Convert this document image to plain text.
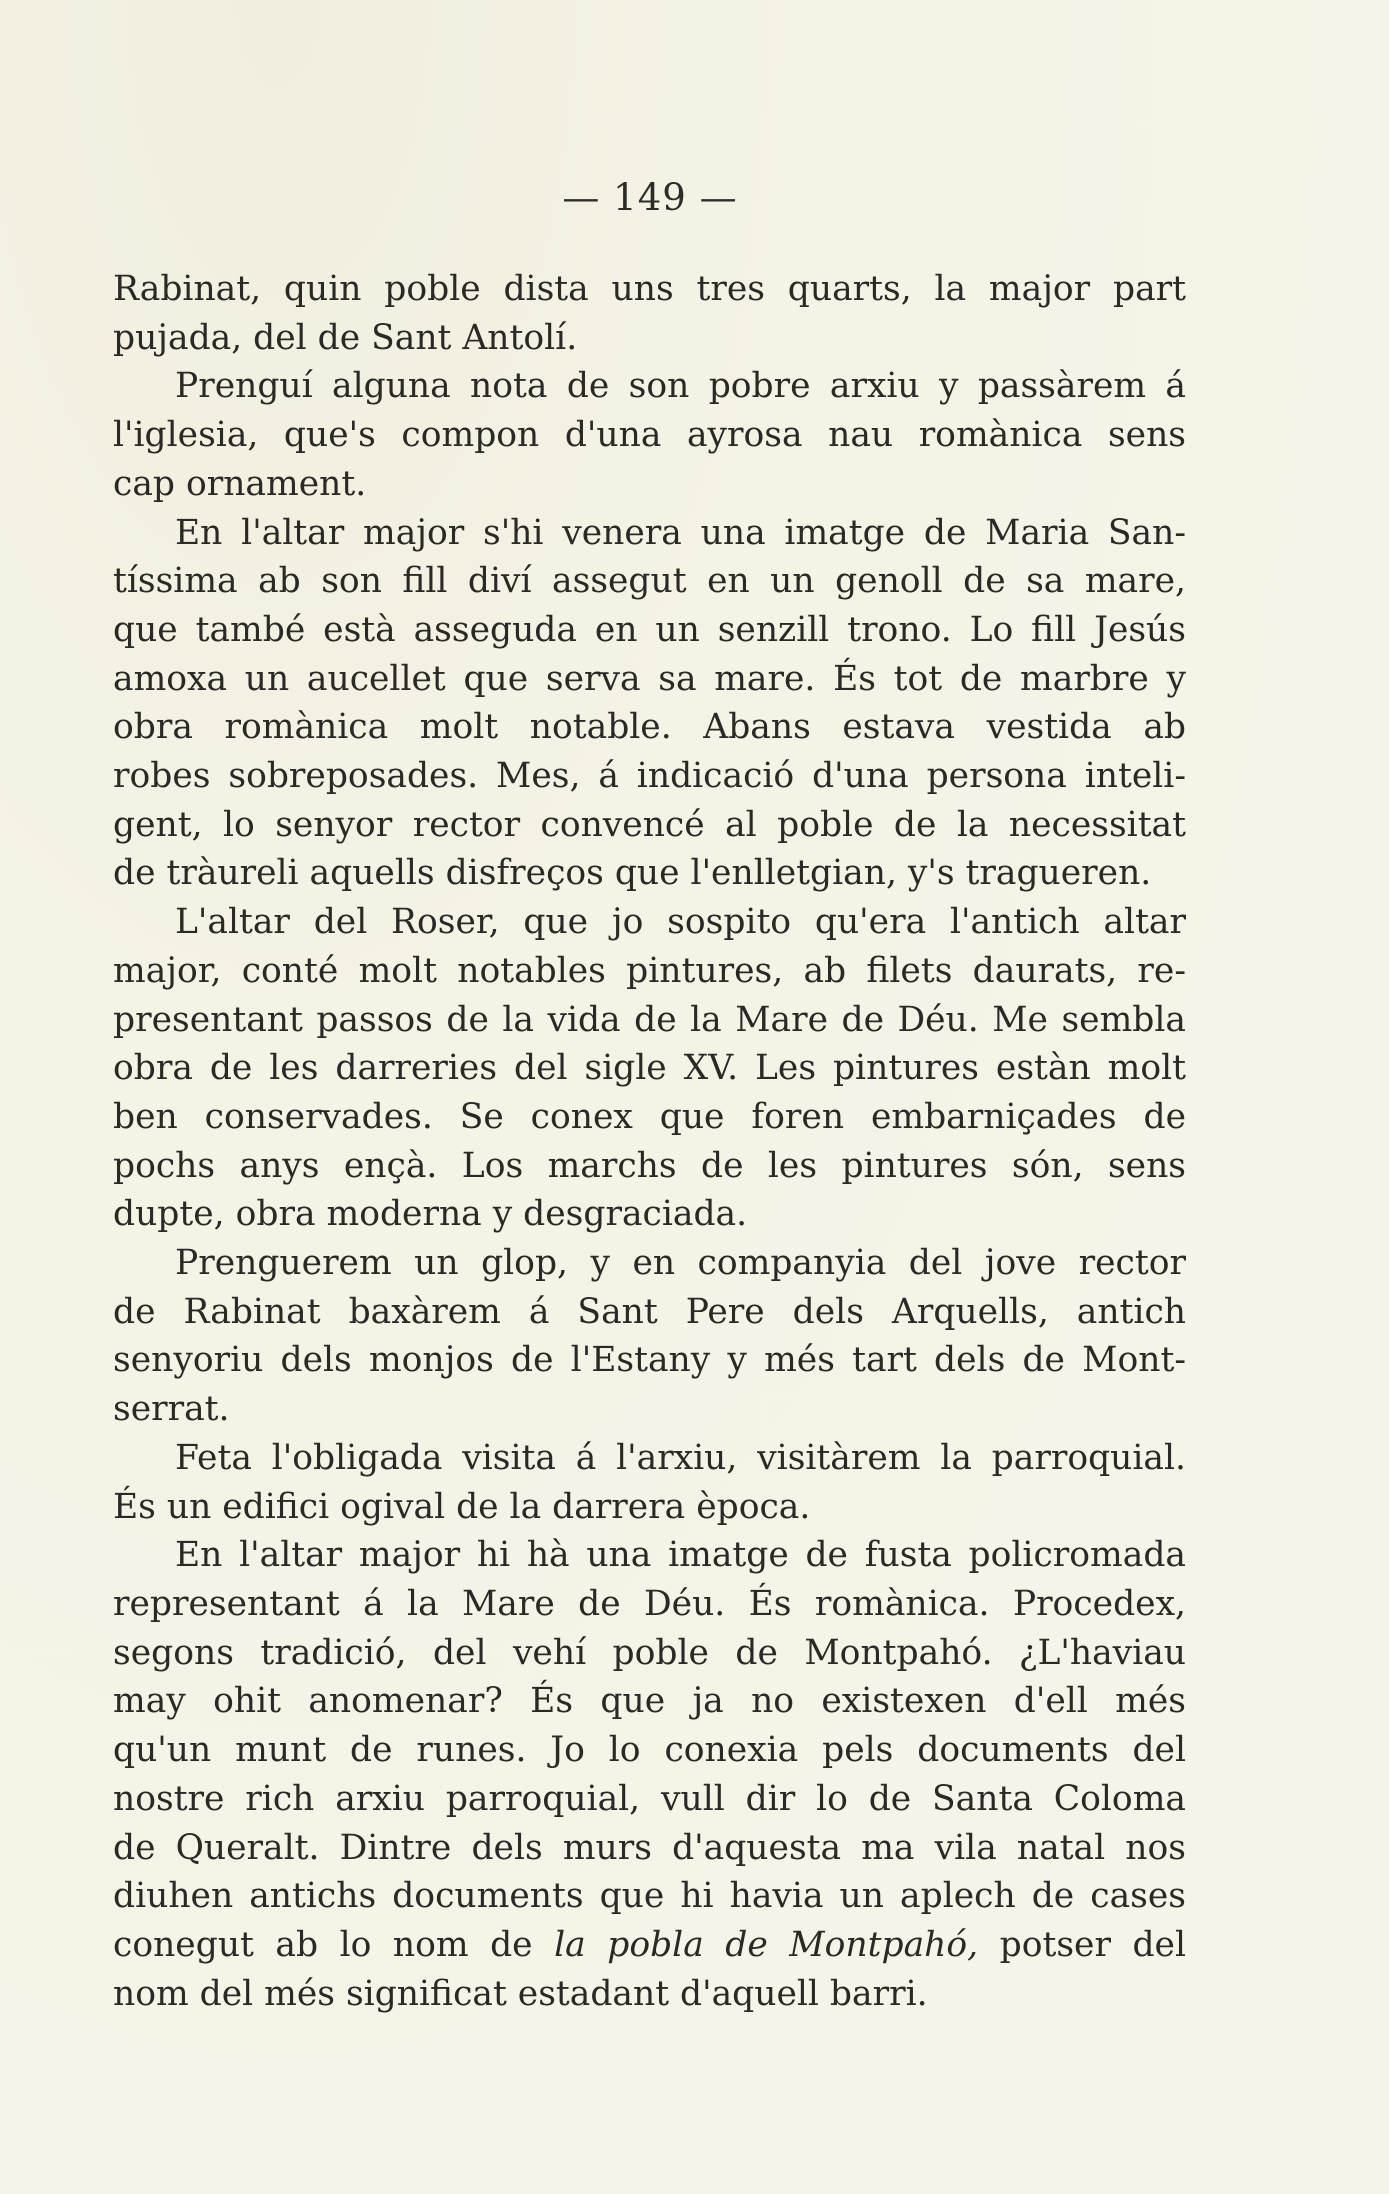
— 149 —
Rabinat, quin poble dista uns tres quarts, la major part
pujada, del de Sant Antolí.
Prenguí alguna nota de son pobre arxiu y passàrem á
l'iglesia, que's compon d'una ayrosa nau romànica sens
cap ornament.
En l'altar major s'hi venera una imatge de Maria San-
tíssima ab son fill diví assegut en un genoll de sa mare,
que també està asseguda en un senzill trono. Lo fill Jesús
amoxa un aucellet que serva sa mare. És tot de marbre y
obra romànica molt notable. Abans estava vestida ab
robes sobreposades. Mes, á indicació d'una persona inteli-
gent, lo senyor rector convencé al poble de la necessitat
de tràureli aquells disfreços que l'enlletgian, y's tragueren.
L'altar del Roser, que jo sospito qu'era l'antich altar
major, conté molt notables pintures, ab filets daurats, re-
presentant passos de la vida de la Mare de Déu. Me sembla
obra de les darreries del sigle XV. Les pintures estàn molt
ben conservades. Se conex que foren embarniçades de
pochs anys ençà. Los marchs de les pintures són, sens
dupte, obra moderna y desgraciada.
Prenguerem un glop, y en companyia del jove rector
de Rabinat baxàrem á Sant Pere dels Arquells, antich
senyoriu dels monjos de l'Estany y més tart dels de Mont-
serrat.
Feta l'obligada visita á l'arxiu, visitàrem la parroquial.
És un edifici ogival de la darrera època.
En l'altar major hi hà una imatge de fusta policromada
representant á la Mare de Déu. És romànica. Procedex,
segons tradició, del vehí poble de Montpahó. ¿L'haviau
may ohit anomenar? És que ja no existexen d'ell més
qu'un munt de runes. Jo lo conexia pels documents del
nostre rich arxiu parroquial, vull dir lo de Santa Coloma
de Queralt. Dintre dels murs d'aquesta ma vila natal nos
diuhen antichs documents que hi havia un aplech de cases
conegut ab lo nom de la pobla de Montpahó, potser del
nom del més significat estadant d'aquell barri.
